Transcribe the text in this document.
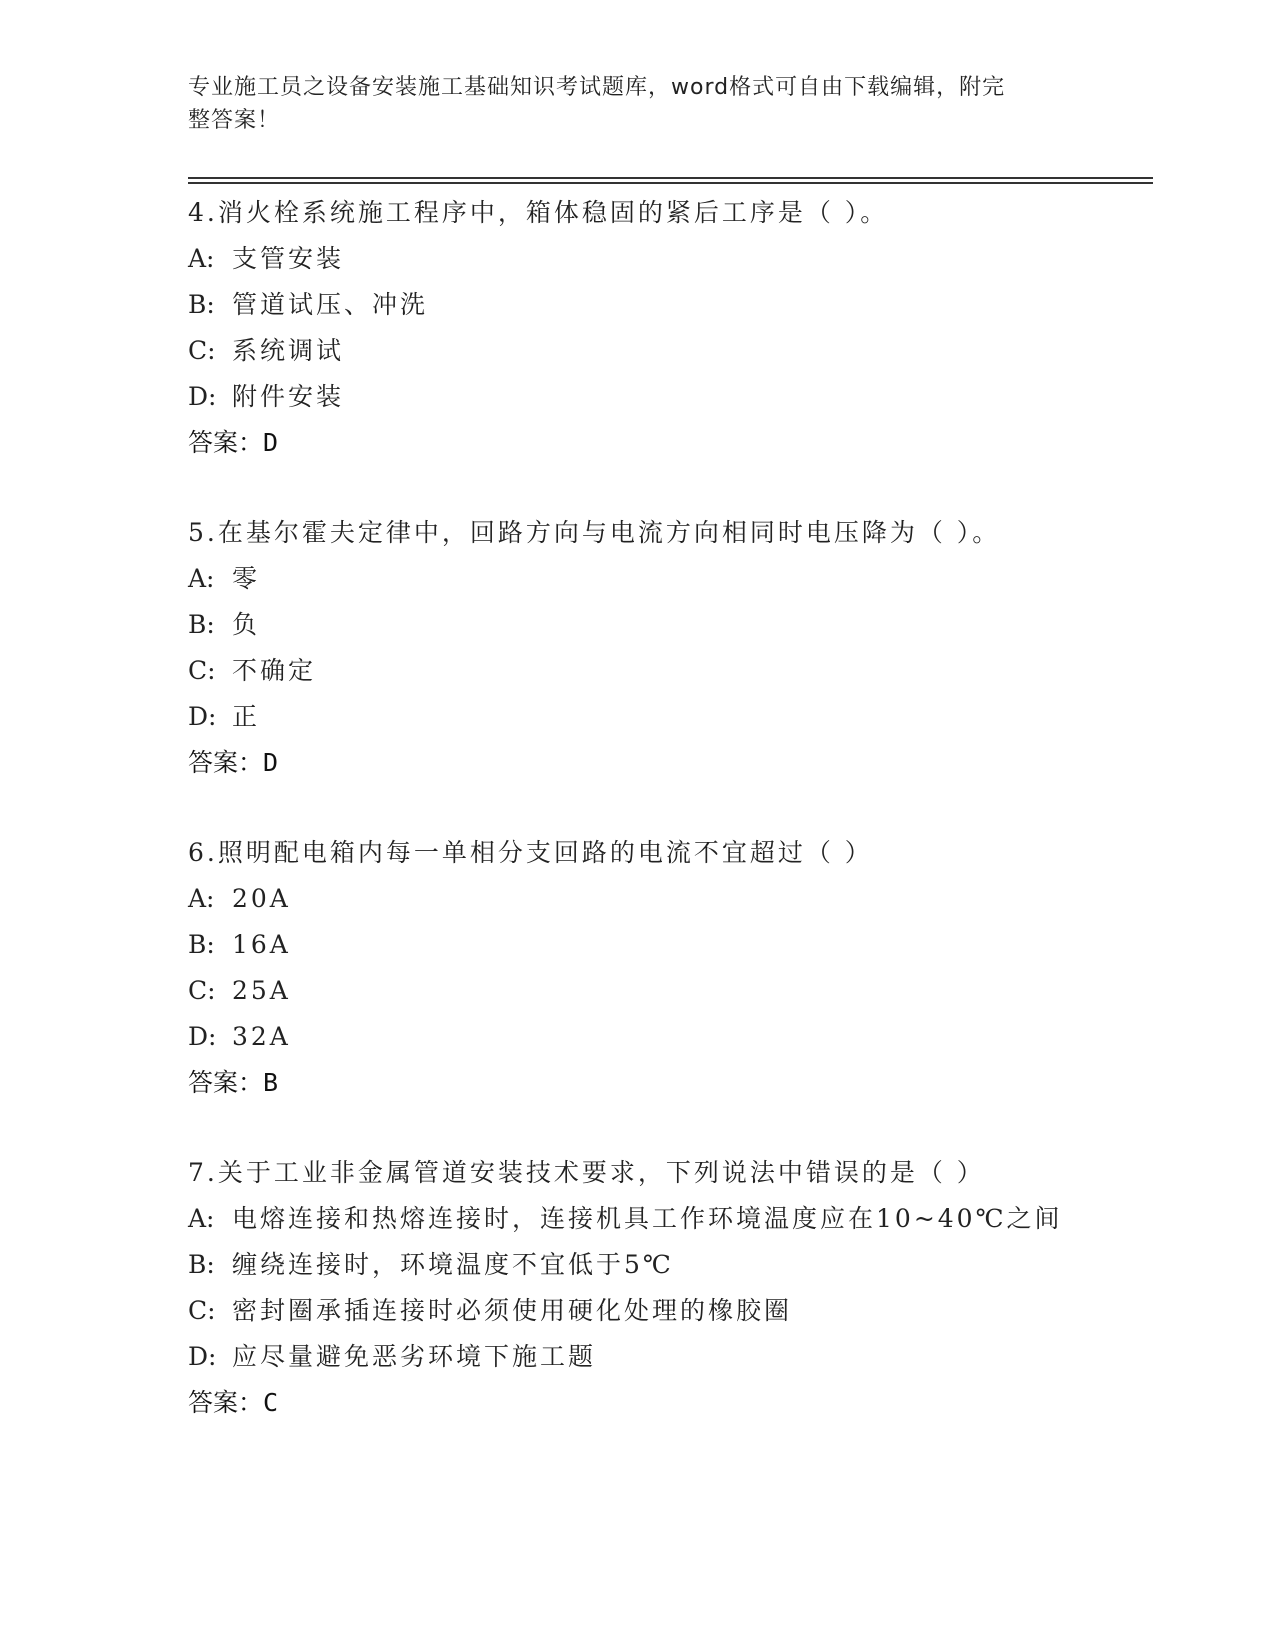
专业施工员之设备安装施工基础知识考试题库，word格式可自由下载编辑，附完
整答案！
4.消火栓系统施工程序中，箱体稳固的紧后工序是（ ）。
A: 支管安装
B: 管道试压、冲洗
C: 系统调试
D: 附件安装
答案：D
5.在基尔霍夫定律中，回路方向与电流方向相同时电压降为（ ）。
A: 零
B: 负
C: 不确定
D: 正
答案：D
6.照明配电箱内每一单相分支回路的电流不宜超过（ ）
A: 20A
B: 16A
C: 25A
D: 32A
答案：B
7.关于工业非金属管道安装技术要求，下列说法中错误的是（ ）
A: 电熔连接和热熔连接时，连接机具工作环境温度应在10~40℃之间
B: 缠绕连接时，环境温度不宜低于5℃
C: 密封圈承插连接时必须使用硬化处理的橡胶圈
D: 应尽量避免恶劣环境下施工题
答案：C
